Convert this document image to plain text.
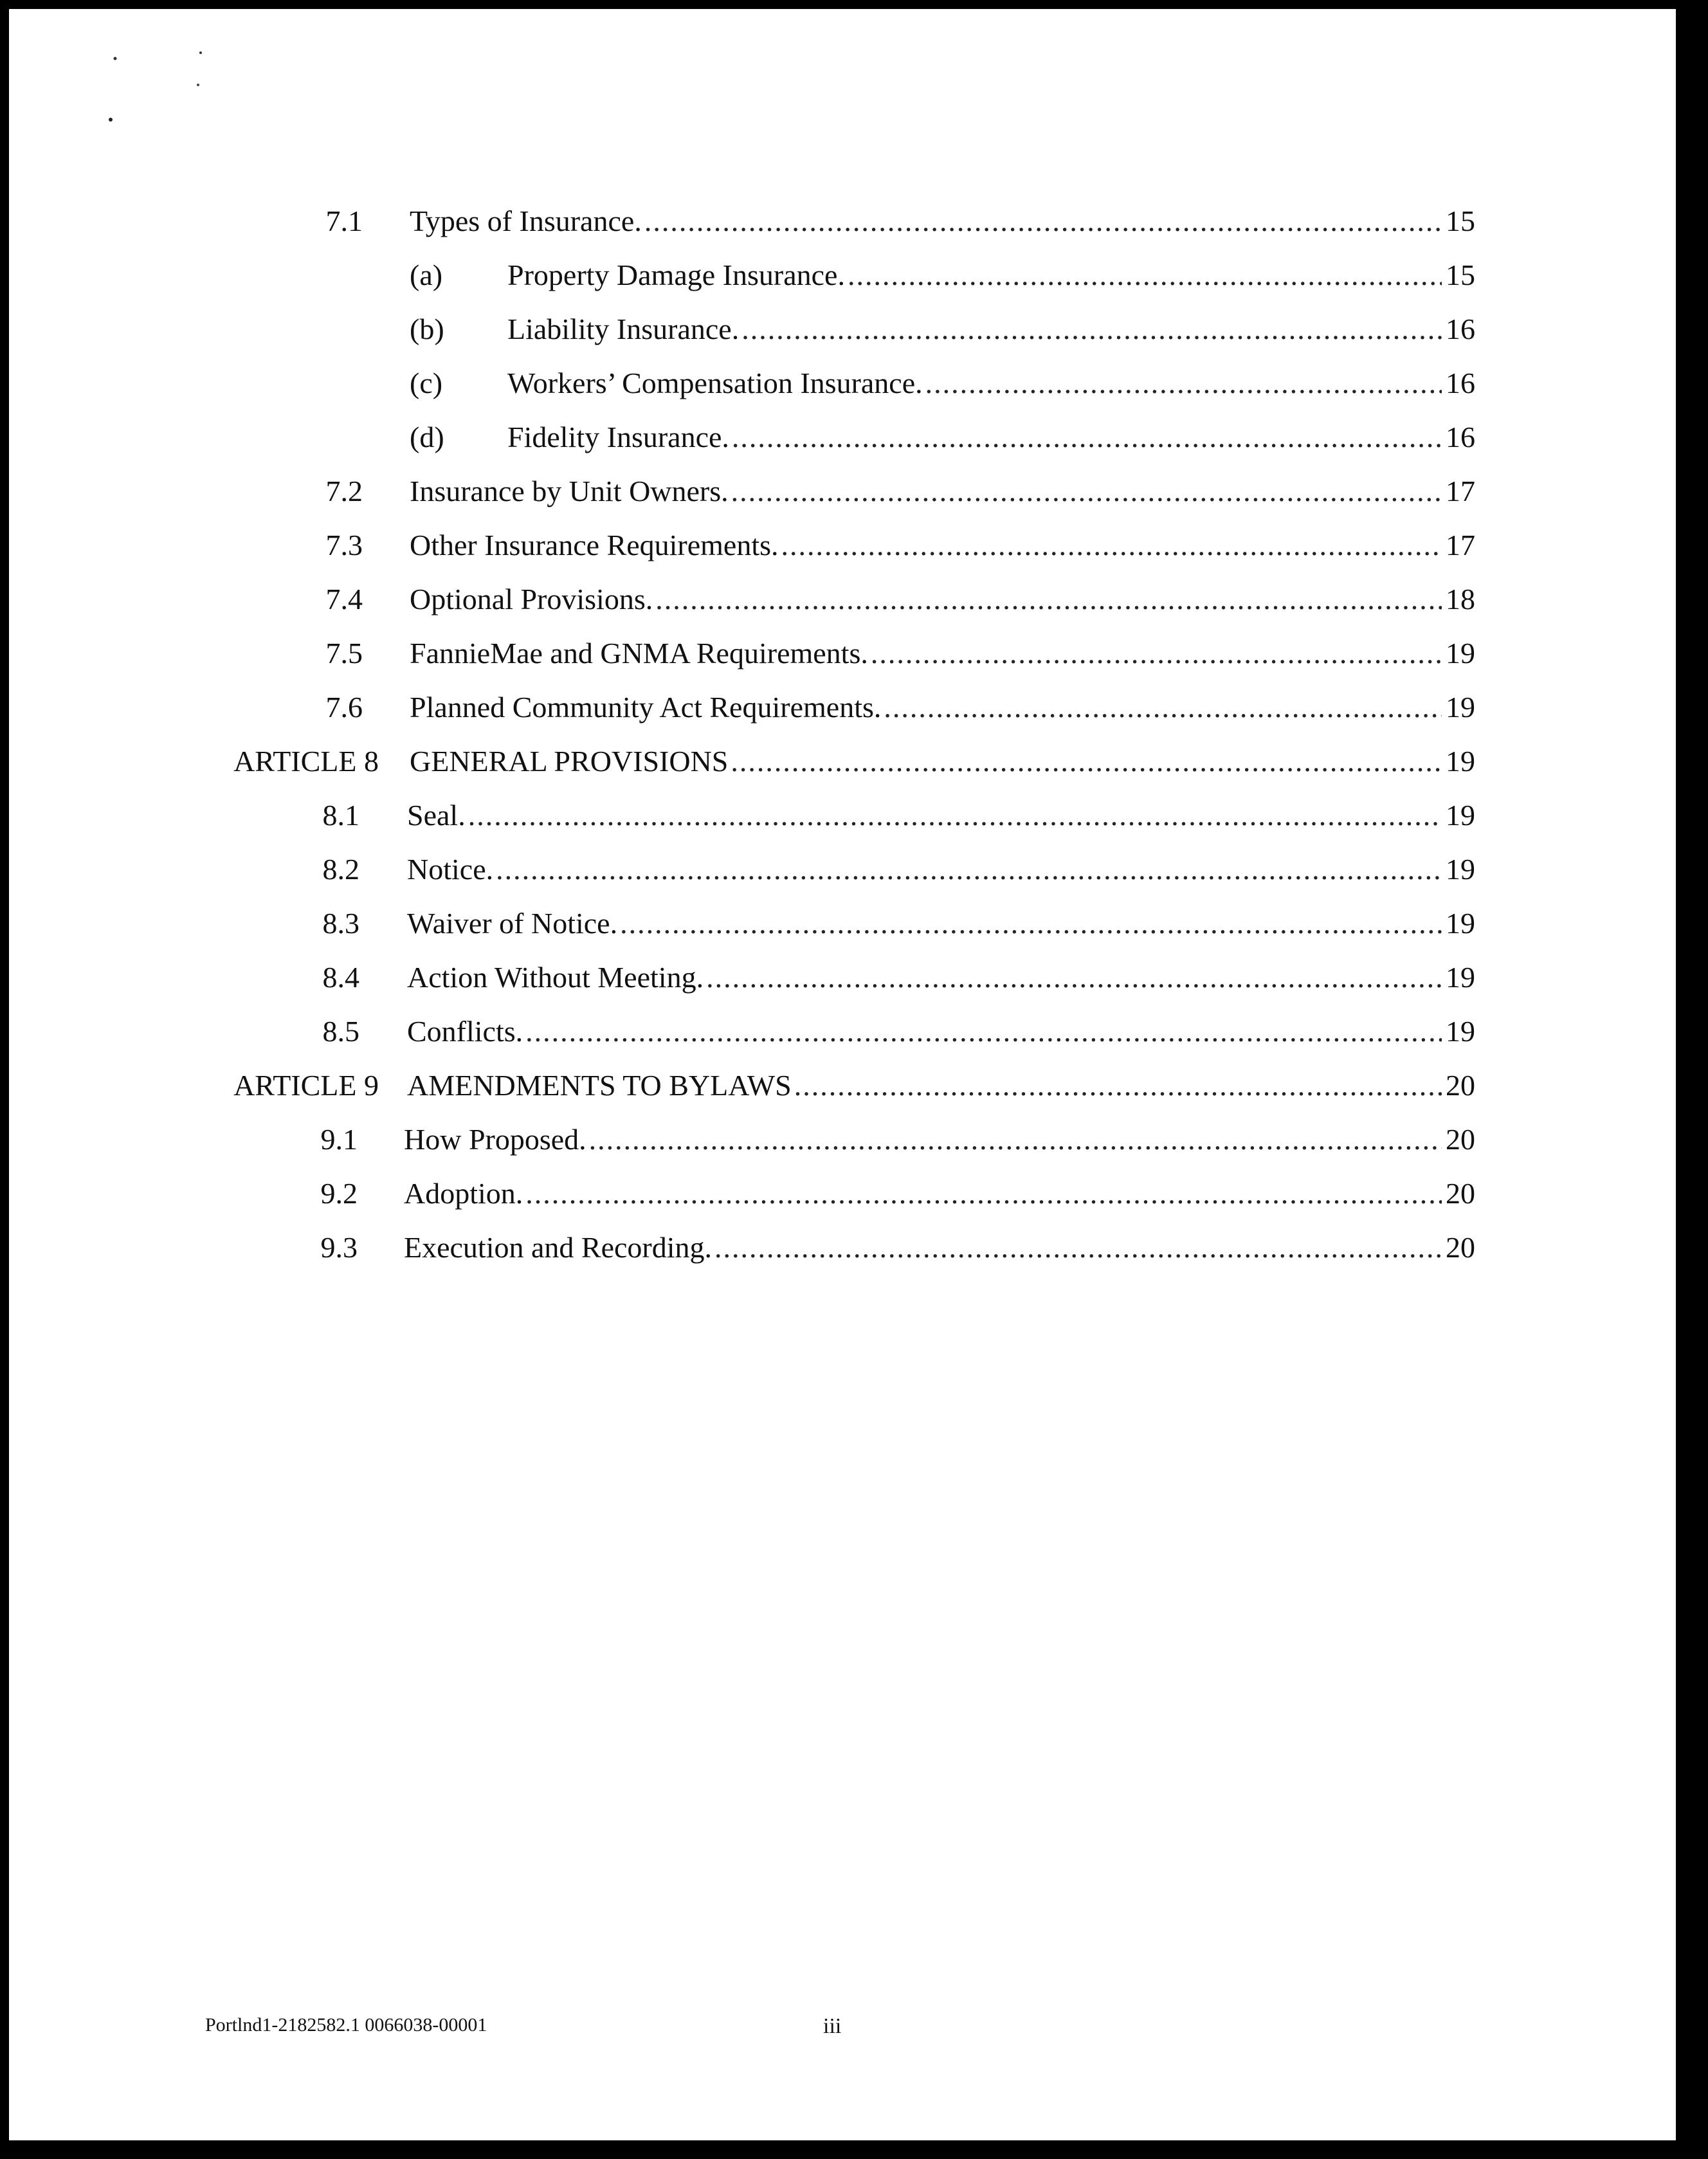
7.1 Types of Insurance. .....	15
(a) Property Damage Insurance. .....	15
(b) Liability Insurance. .....	16
(c) Workers’ Compensation Insurance. .....	16
(d) Fidelity Insurance. .....	16
7.2 Insurance by Unit Owners. .....	17
7.3 Other Insurance Requirements. .....	17
7.4 Optional Provisions. .....	18
7.5 FannieMae and GNMA Requirements. .....	19
7.6 Planned Community Act Requirements. .....	19
ARTICLE 8 GENERAL PROVISIONS .....	19
8.1 Seal. .....	19
8.2 Notice. .....	19
8.3 Waiver of Notice. .....	19
8.4 Action Without Meeting. .....	19
8.5 Conflicts. .....	19
ARTICLE 9 AMENDMENTS TO BYLAWS .....	20
9.1 How Proposed. .....	20
9.2 Adoption. .....	20
9.3 Execution and Recording. .....	20
Portlnd1-2182582.1 0066038-00001	iii
